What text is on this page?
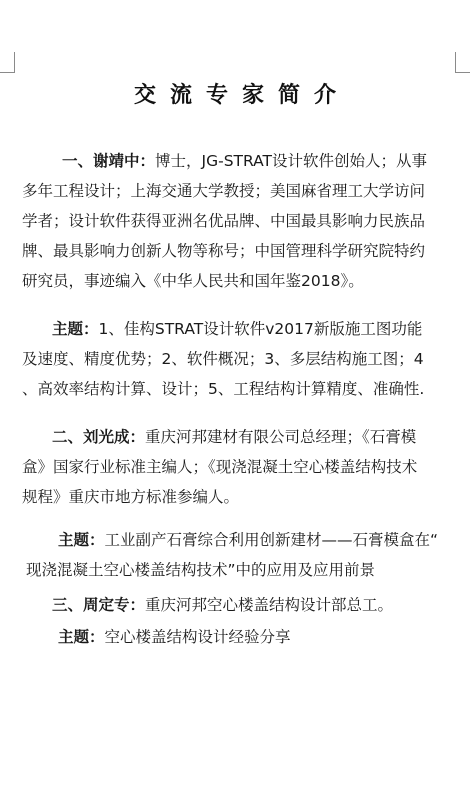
交流专家简介
一、谢靖中：博士，JG-STRAT设计软件创始人；从事
多年工程设计；上海交通大学教授；美国麻省理工大学访问
学者；设计软件获得亚洲名优品牌、中国最具影响力民族品
牌、最具影响力创新人物等称号；中国管理科学研究院特约
研究员，事迹编入《中华人民共和国年鉴2018》。
主题：1、佳构STRAT设计软件v2017新版施工图功能
及速度、精度优势；2、软件概况；3、多层结构施工图；4
、高效率结构计算、设计；5、工程结构计算精度、准确性.
二、刘光成：重庆河邦建材有限公司总经理；《石膏模
盒》国家行业标准主编人；《现浇混凝土空心楼盖结构技术
规程》重庆市地方标准参编人。
主题：工业副产石膏综合利用创新建材——石膏模盒在“
现浇混凝土空心楼盖结构技术”中的应用及应用前景
三、周定专：重庆河邦空心楼盖结构设计部总工。
主题：空心楼盖结构设计经验分享
